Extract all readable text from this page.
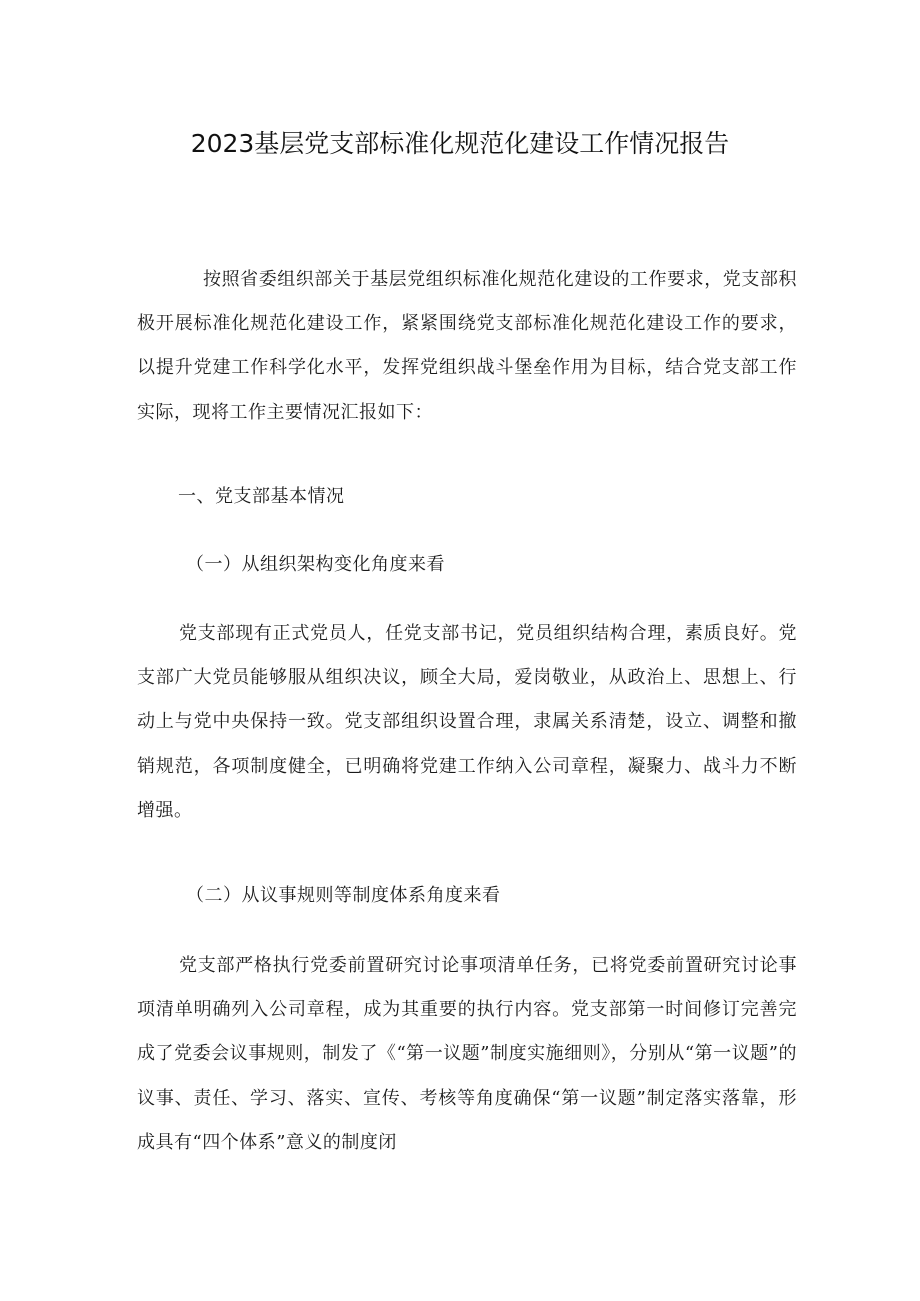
2023基层党支部标准化规范化建设工作情况报告
按照省委组织部关于基层党组织标准化规范化建设的工作要求，党支部积极开展标准化规范化建设工作，紧紧围绕党支部标准化规范化建设工作的要求，以提升党建工作科学化水平，发挥党组织战斗堡垒作用为目标，结合党支部工作实际，现将工作主要情况汇报如下：
一、党支部基本情况
（一）从组织架构变化角度来看
党支部现有正式党员人，任党支部书记，党员组织结构合理，素质良好。党支部广大党员能够服从组织决议，顾全大局，爱岗敬业，从政治上、思想上、行动上与党中央保持一致。党支部组织设置合理，隶属关系清楚，设立、调整和撤销规范，各项制度健全，已明确将党建工作纳入公司章程，凝聚力、战斗力不断增强。
（二）从议事规则等制度体系角度来看
党支部严格执行党委前置研究讨论事项清单任务，已将党委前置研究讨论事项清单明确列入公司章程，成为其重要的执行内容。党支部第一时间修订完善完成了党委会议事规则，制发了《“第一议题”制度实施细则》，分别从“第一议题”的议事、责任、学习、落实、宣传、考核等角度确保“第一议题”制定落实落靠，形成具有“四个体系”意义的制度闭
